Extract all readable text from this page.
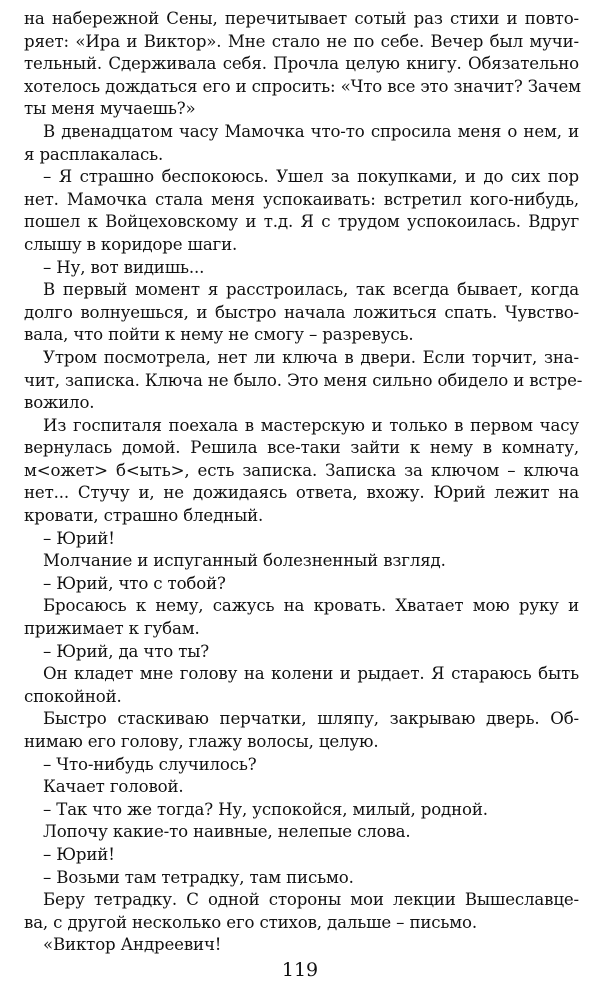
на набережной Сены, перечитывает сотый раз стихи и повто-
ряет: «Ира и Виктор». Мне стало не по себе. Вечер был мучи-
тельный. Сдерживала себя. Прочла целую книгу. Обязательно
хотелось дождаться его и спросить: «Что все это значит? Зачем
ты меня мучаешь?»
В двенадцатом часу Мамочка что-то спросила меня о нем, и
я расплакалась.
– Я страшно беспокоюсь. Ушел за покупками, и до сих пор
нет. Мамочка стала меня успокаивать: встретил кого-нибудь,
пошел к Войцеховскому и т.д. Я с трудом успокоилась. Вдруг
слышу в коридоре шаги.
– Ну, вот видишь...
В первый момент я расстроилась, так всегда бывает, когда
долго волнуешься, и быстро начала ложиться спать. Чувство-
вала, что пойти к нему не смогу – разревусь.
Утром посмотрела, нет ли ключа в двери. Если торчит, зна-
чит, записка. Ключа не было. Это меня сильно обидело и встре-
вожило.
Из госпиталя поехала в мастерскую и только в первом часу
вернулась домой. Решила все-таки зайти к нему в комнату,
м<ожет> б<ыть>, есть записка. Записка за ключом – ключа
нет... Стучу и, не дожидаясь ответа, вхожу. Юрий лежит на
кровати, страшно бледный.
– Юрий!
Молчание и испуганный болезненный взгляд.
– Юрий, что с тобой?
Бросаюсь к нему, сажусь на кровать. Хватает мою руку и
прижимает к губам.
– Юрий, да что ты?
Он кладет мне голову на колени и рыдает. Я стараюсь быть
спокойной.
Быстро стаскиваю перчатки, шляпу, закрываю дверь. Об-
нимаю его голову, глажу волосы, целую.
– Что-нибудь случилось?
Качает головой.
– Так что же тогда? Ну, успокойся, милый, родной.
Лопочу какие-то наивные, нелепые слова.
– Юрий!
– Возьми там тетрадку, там письмо.
Беру тетрадку. С одной стороны мои лекции Вышеславце-
ва, с другой несколько его стихов, дальше – письмо.
«Виктор Андреевич!
119
